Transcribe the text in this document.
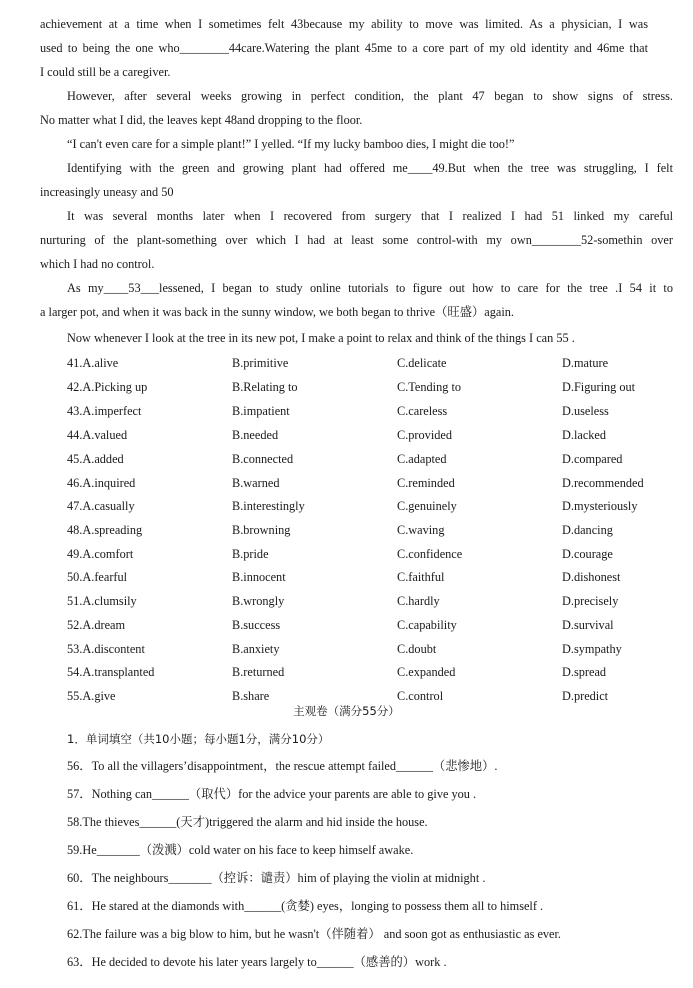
achievement at a time when I sometimes felt 43because my ability to move was limited. As a physician, I was
used to being the one who________44care.Watering the plant 45me to a core part of my old identity and 46me that
I could still be a caregiver.
However, after several weeks growing in perfect condition, the plant 47 began to show signs of stress.
No matter what I did, the leaves kept 48and dropping to the floor.
“I can't even care for a simple plant!” I yelled. “If my lucky bamboo dies, I might die too!”
Identifying with the green and growing plant had offered me____49.But when the tree was struggling, I felt
increasingly uneasy and 50
It was several months later when I recovered from surgery that I realized I had 51 linked my careful
nurturing of the plant-something over which I had at least some control-with my own________52-somethin over
which I had no control.
As my____53___lessened, I began to study online tutorials to figure out how to care for the tree .I 54 it to
a larger pot, and when it was back in the sunny window, we both began to thrive（旺盛）again.
Now whenever I look at the tree in its new pot, I make a point to relax and think of the things I can 55 .
41.A.alive	B.primitive	C.delicate	D.mature
42.A.Picking up	B.Relating to	C.Tending to	D.Figuring out
43.A.imperfect	B.impatient	C.careless	D.useless
44.A.valued	B.needed	C.provided	D.lacked
45.A.added	B.connected	C.adapted	D.compared
46.A.inquired	B.warned	C.reminded	D.recommended
47.A.casually	B.interestingly	C.genuinely	D.mysteriously
48.A.spreading	B.browning	C.waving	D.dancing
49.A.comfort	B.pride	C.confidence	D.courage
50.A.fearful	B.innocent	C.faithful	D.dishonest
51.A.clumsily	B.wrongly	C.hardly	D.precisely
52.A.dream	B.success	C.capability	D.survival
53.A.discontent	B.anxiety	C.doubt	D.sympathy
54.A.transplanted	B.returned	C.expanded	D.spread
55.A.give	B.share	C.control	D.predict
主观卷（满分55分）
1．单词填空（共10小题；每小题1分，满分10分）
56．To all the villagers’disappointment，the rescue attempt failed______（悲惨地）.
57．Nothing can______（取代）for the advice your parents are able to give you .
58.The thieves______(天才)triggered the alarm and hid inside the house.
59.He_______（泼溅）cold water on his face to keep himself awake.
60．The neighbours_______（控诉：谴责）him of playing the violin at midnight .
61．He stared at the diamonds with______(贪婪) eyes，longing to possess them all to himself .
62.The failure was a big blow to him, but he wasn't（伴随着） and soon got as enthusiastic as ever.
63．He decided to devote his later years largely to______（感善的）work .
